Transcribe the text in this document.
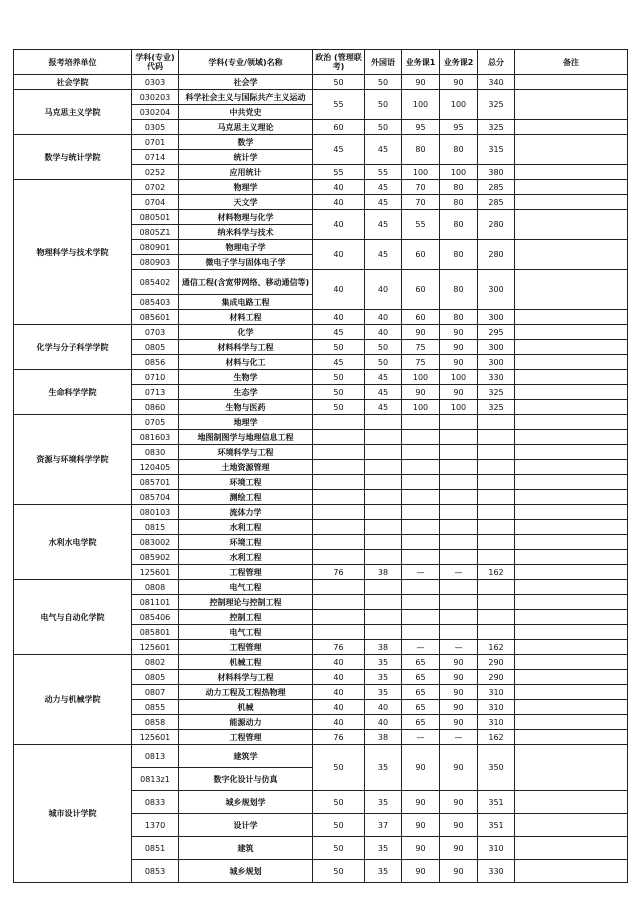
报考培养单位	学科(专业)代码	学科(专业/领域)名称	政治 (管理联考)	外国语	业务课1	业务课2	总分	备注
社会学院	0303	社会学	50	50	90	90	340	
马克思主义学院	030203	科学社会主义与国际共产主义运动	55	50	100	100	325	
	030204	中共党史						
	0305	马克思主义理论	60	50	95	95	325	
数学与统计学院	0701	数学	45	45	80	80	315	
	0714	统计学						
	0252	应用统计	55	55	100	100	380	
物理科学与技术学院	0702	物理学	40	45	70	80	285	
	0704	天文学	40	45	70	80	285	
	080501	材料物理与化学	40	45	55	80	280	
	0805Z1	纳米科学与技术						
	080901	物理电子学	40	45	60	80	280	
	080903	微电子学与固体电子学						
	085402	通信工程(含宽带网络、移动通信等)	40	40	60	80	300	
	085403	集成电路工程						
	085601	材料工程	40	40	60	80	300	
化学与分子科学学院	0703	化学	45	40	90	90	295	
	0805	材料科学与工程	50	50	75	90	300	
	0856	材料与化工	45	50	75	90	300	
生命科学学院	0710	生物学	50	45	100	100	330	
	0713	生态学	50	45	90	90	325	
	0860	生物与医药	50	45	100	100	325	
资源与环境科学学院	0705	地理学						
	081603	地图制图学与地理信息工程						
	0830	环境科学与工程						
	120405	土地资源管理						
	085701	环境工程						
	085704	测绘工程						
水利水电学院	080103	流体力学						
	0815	水利工程						
	083002	环境工程						
	085902	水利工程						
	125601	工程管理	76	38	—	—	162	
电气与自动化学院	0808	电气工程						
	081101	控制理论与控制工程						
	085406	控制工程						
	085801	电气工程						
	125601	工程管理	76	38	—	—	162	
动力与机械学院	0802	机械工程	40	35	65	90	290	
	0805	材料科学与工程	40	35	65	90	290	
	0807	动力工程及工程热物理	40	35	65	90	310	
	0855	机械	40	40	65	90	310	
	0858	能源动力	40	40	65	90	310	
	125601	工程管理	76	38	—	—	162	
城市设计学院	0813	建筑学	50	35	90	90	350	
	0813z1	数字化设计与仿真						
	0833	城乡规划学	50	35	90	90	351	
	1370	设计学	50	37	90	90	351	
	0851	建筑	50	35	90	90	310	
	0853	城乡规划	50	35	90	90	330	
